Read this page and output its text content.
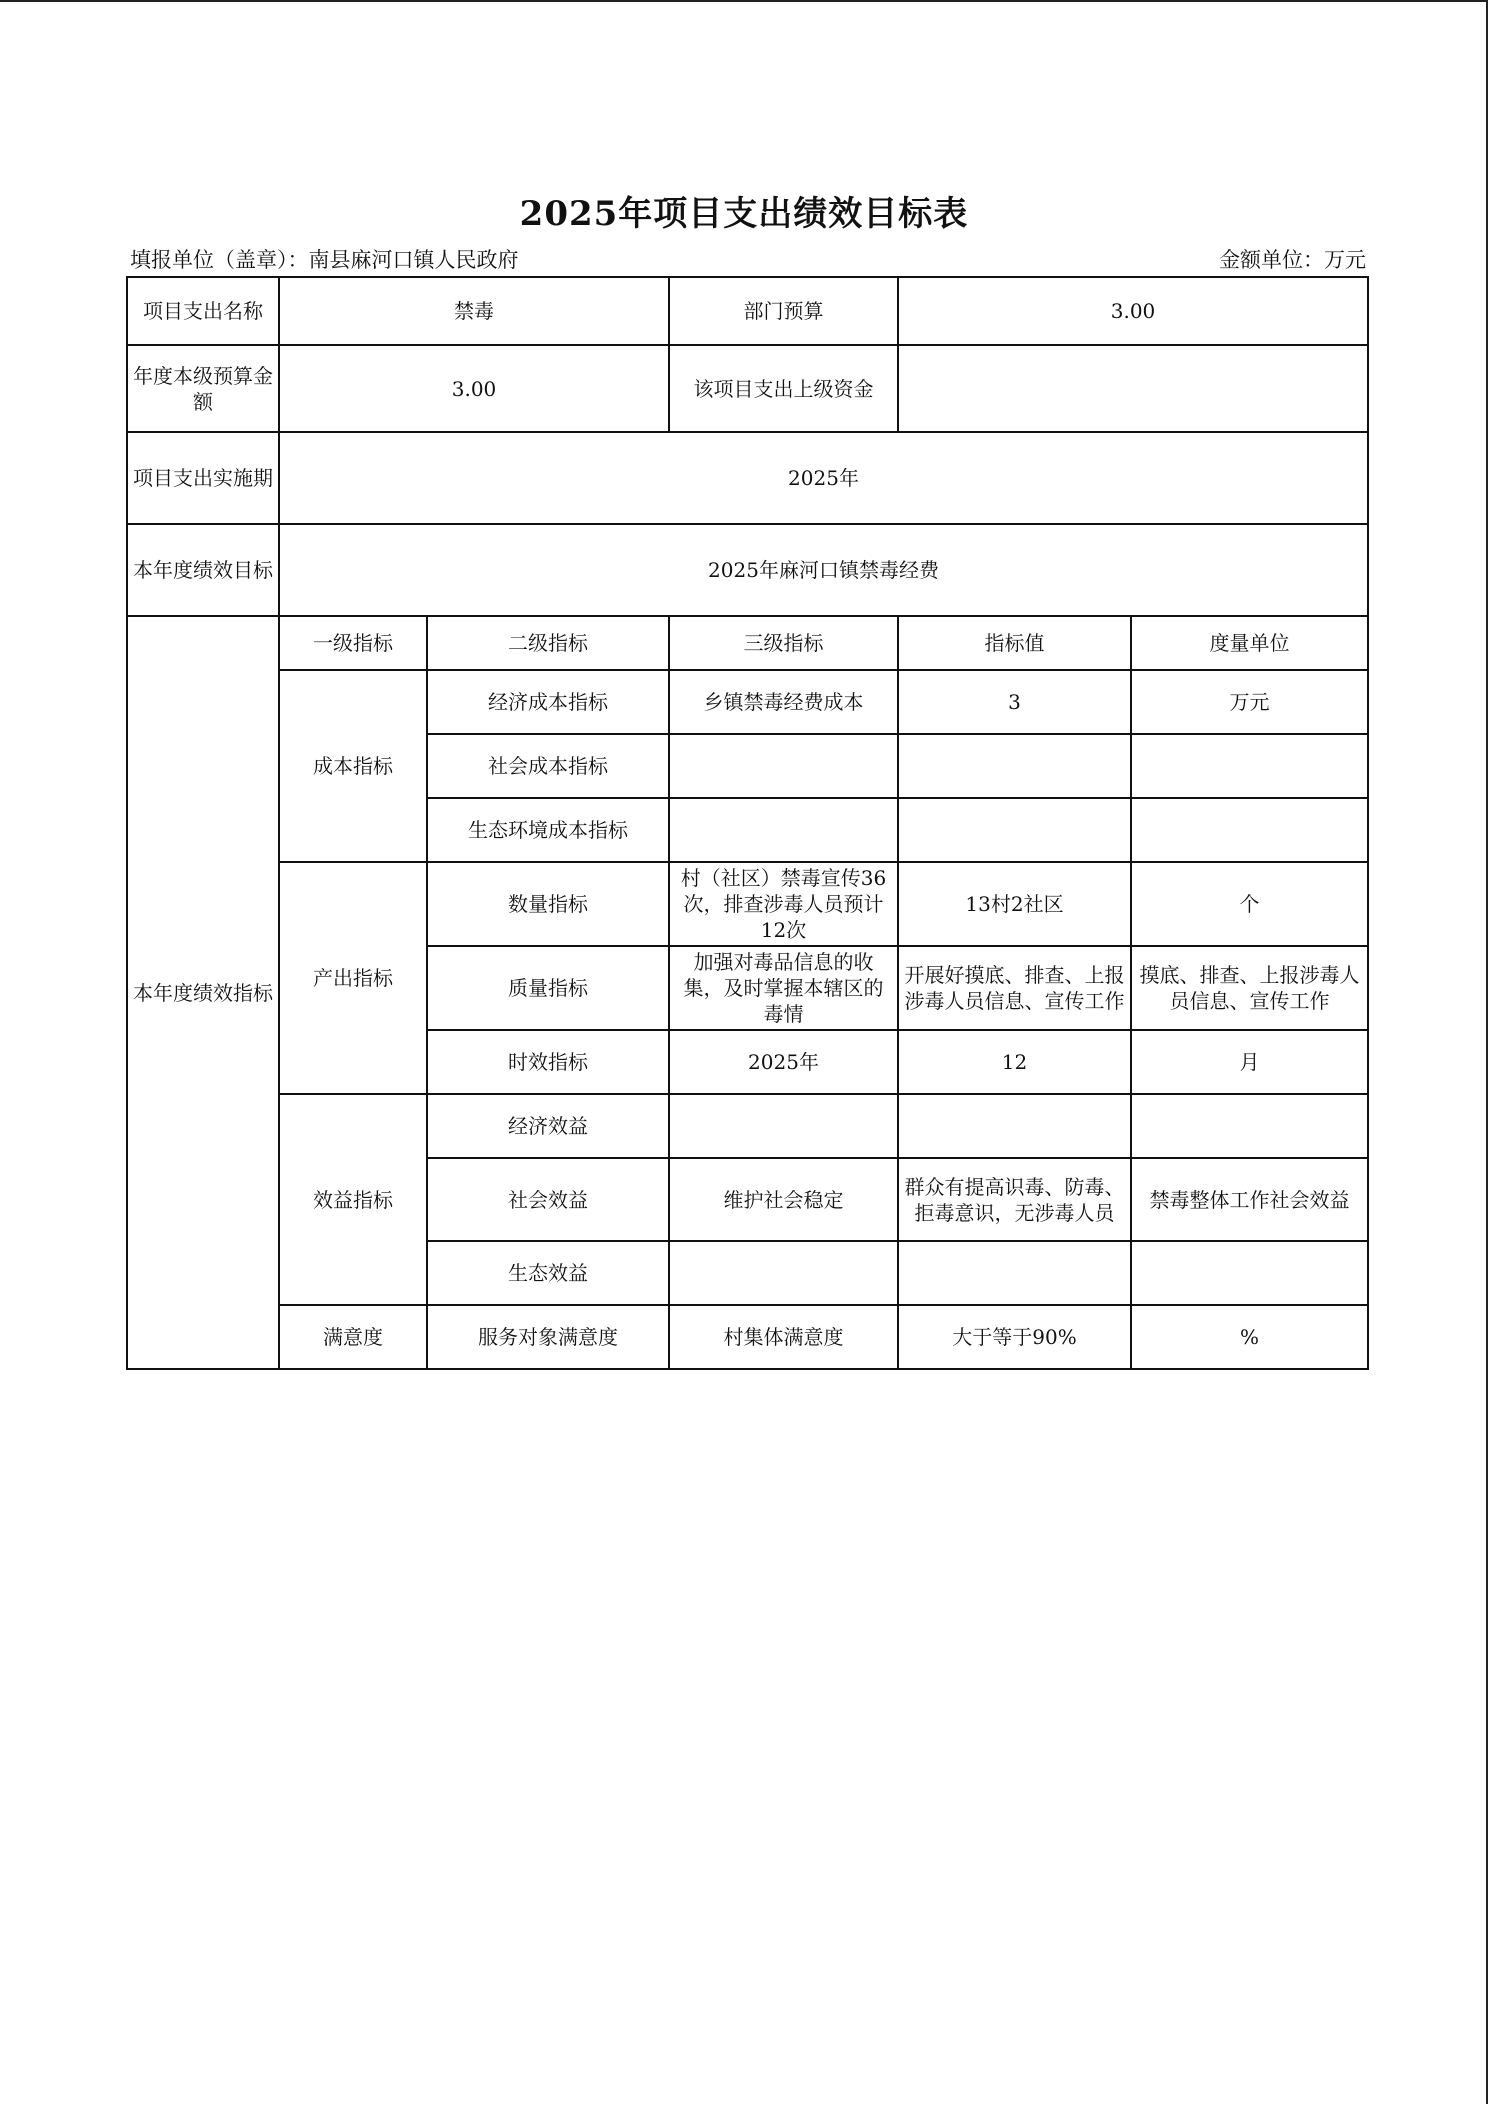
2025年项目支出绩效目标表
填报单位（盖章）：南县麻河口镇人民政府	金额单位：万元
项目支出名称	禁毒		部门预算	3.00	
年度本级预算金额	3.00		该项目支出上级资金		
项目支出实施期	2025年				
本年度绩效目标	2025年麻河口镇禁毒经费				
本年度绩效指标	一级指标	二级指标	三级指标	指标值	度量单位
	成本指标	经济成本指标	乡镇禁毒经费成本	3	万元
		社会成本指标			
		生态环境成本指标			
	产出指标	数量指标	村（社区）禁毒宣传36次，排查涉毒人员预计12次	13村2社区	个
		质量指标	加强对毒品信息的收集，及时掌握本辖区的毒情	开展好摸底、排查、上报涉毒人员信息、宣传工作	摸底、排查、上报涉毒人员信息、宣传工作
		时效指标	2025年	12	月
	效益指标	经济效益			
		社会效益	维护社会稳定	群众有提高识毒、防毒、拒毒意识，无涉毒人员	禁毒整体工作社会效益
		生态效益			
	满意度	服务对象满意度	村集体满意度	大于等于90%	%
